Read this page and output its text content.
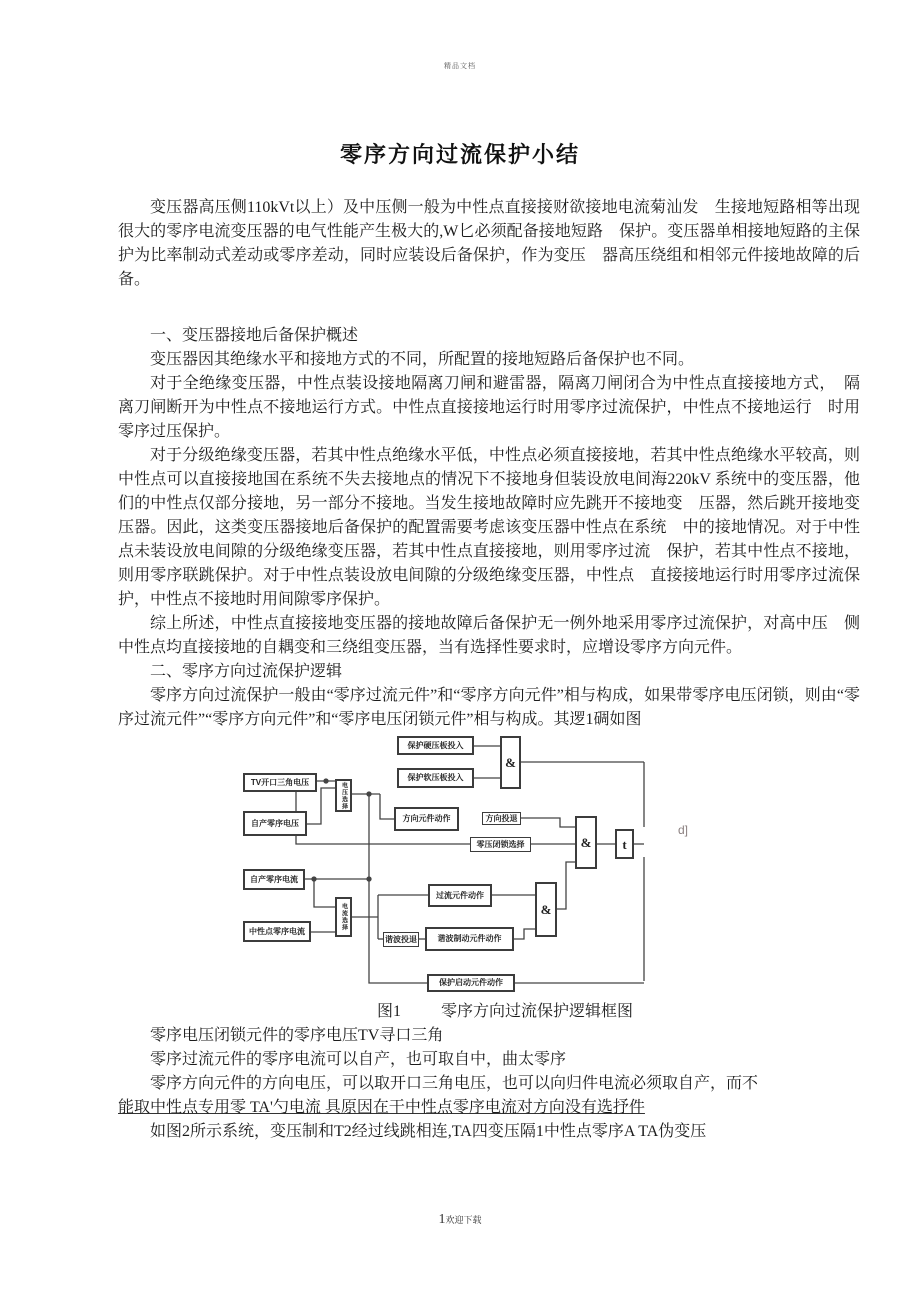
精品文档
零序方向过流保护小结

变压器高压侧110kVt以上）及中压侧一般为中性点直接接财欲接地电流菊汕发　生接地短路相等出现很大的零序电流变压器的电气性能产生极大的,W匕必须配备接地短路　保护。变压器单相接地短路的主保护为比率制动式差动或零序差动，同时应装设后备保护，作为变压　器高压绕组和相邻元件接地故障的后备。

一、变压器接地后备保护概述

变压器因其绝缘水平和接地方式的不同，所配置的接地短路后备保护也不同。

对于全绝缘变压器，中性点装设接地隔离刀闸和避雷器，隔离刀闸闭合为中性点直接接地方式，　隔离刀闸断开为中性点不接地运行方式。中性点直接接地运行时用零序过流保护，中性点不接地运行　时用零序过压保护。

对于分级绝缘变压器，若其中性点绝缘水平低，中性点必须直接接地，若其中性点绝缘水平较高，则中性点可以直接接地国在系统不失去接地点的情况下不接地身但装设放电间海220kV 系统中的变压器，他们的中性点仅部分接地，另一部分不接地。当发生接地故障时应先跳开不接地变　压器，然后跳开接地变压器。因此，这类变压器接地后备保护的配置需要考虑该变压器中性点在系统　中的接地情况。对于中性点未装设放电间隙的分级绝缘变压器，若其中性点直接接地，则用零序过流　保护，若其中性点不接地，则用零序联跳保护。对于中性点装设放电间隙的分级绝缘变压器，中性点　直接接地运行时用零序过流保护，中性点不接地时用间隙零序保护。

综上所述，中性点直接接地变压器的接地故障后备保护无一例外地采用零序过流保护，对高中压　侧中性点均直接接地的自耦变和三绕组变压器，当有选择性要求时，应增设零序方向元件。

二、零序方向过流保护逻辑

零序方向过流保护一般由“零序过流元件”和“零序方向元件”相与构成，如果带零序电压闭锁，则由“零序过流元件”“零序方向元件”和“零序电压闭锁元件”相与构成。其逻1碉如图

保护硬压板投入
保护软压板投入
&
TV开口三角电压
自产零序电压
电压选择
方向元件动作	方向投退
零压闭锁选择	&	t
自产零序电流
电流选择
中性点零序电流
过流元件动作
谐波投退	谐波制动元件动作
&
保护启动元件动作
d]

图1	零序方向过流保护逻辑框图

零序电压闭锁元件的零序电压TV寻口三角

零序过流元件的零序电流可以自产，也可取自中，曲太零序

零序方向元件的方向电压，可以取开口三角电压，也可以向归件电流必须取自产，而不

能取中性点专用零 TA'勺电流 具原因在干中性点零序电流对方向没有选抒件

如图2所示系统，变压制和T2经过线跳相连,TA四变压隔1中性点零序A TA伪变压

1欢迎下载
